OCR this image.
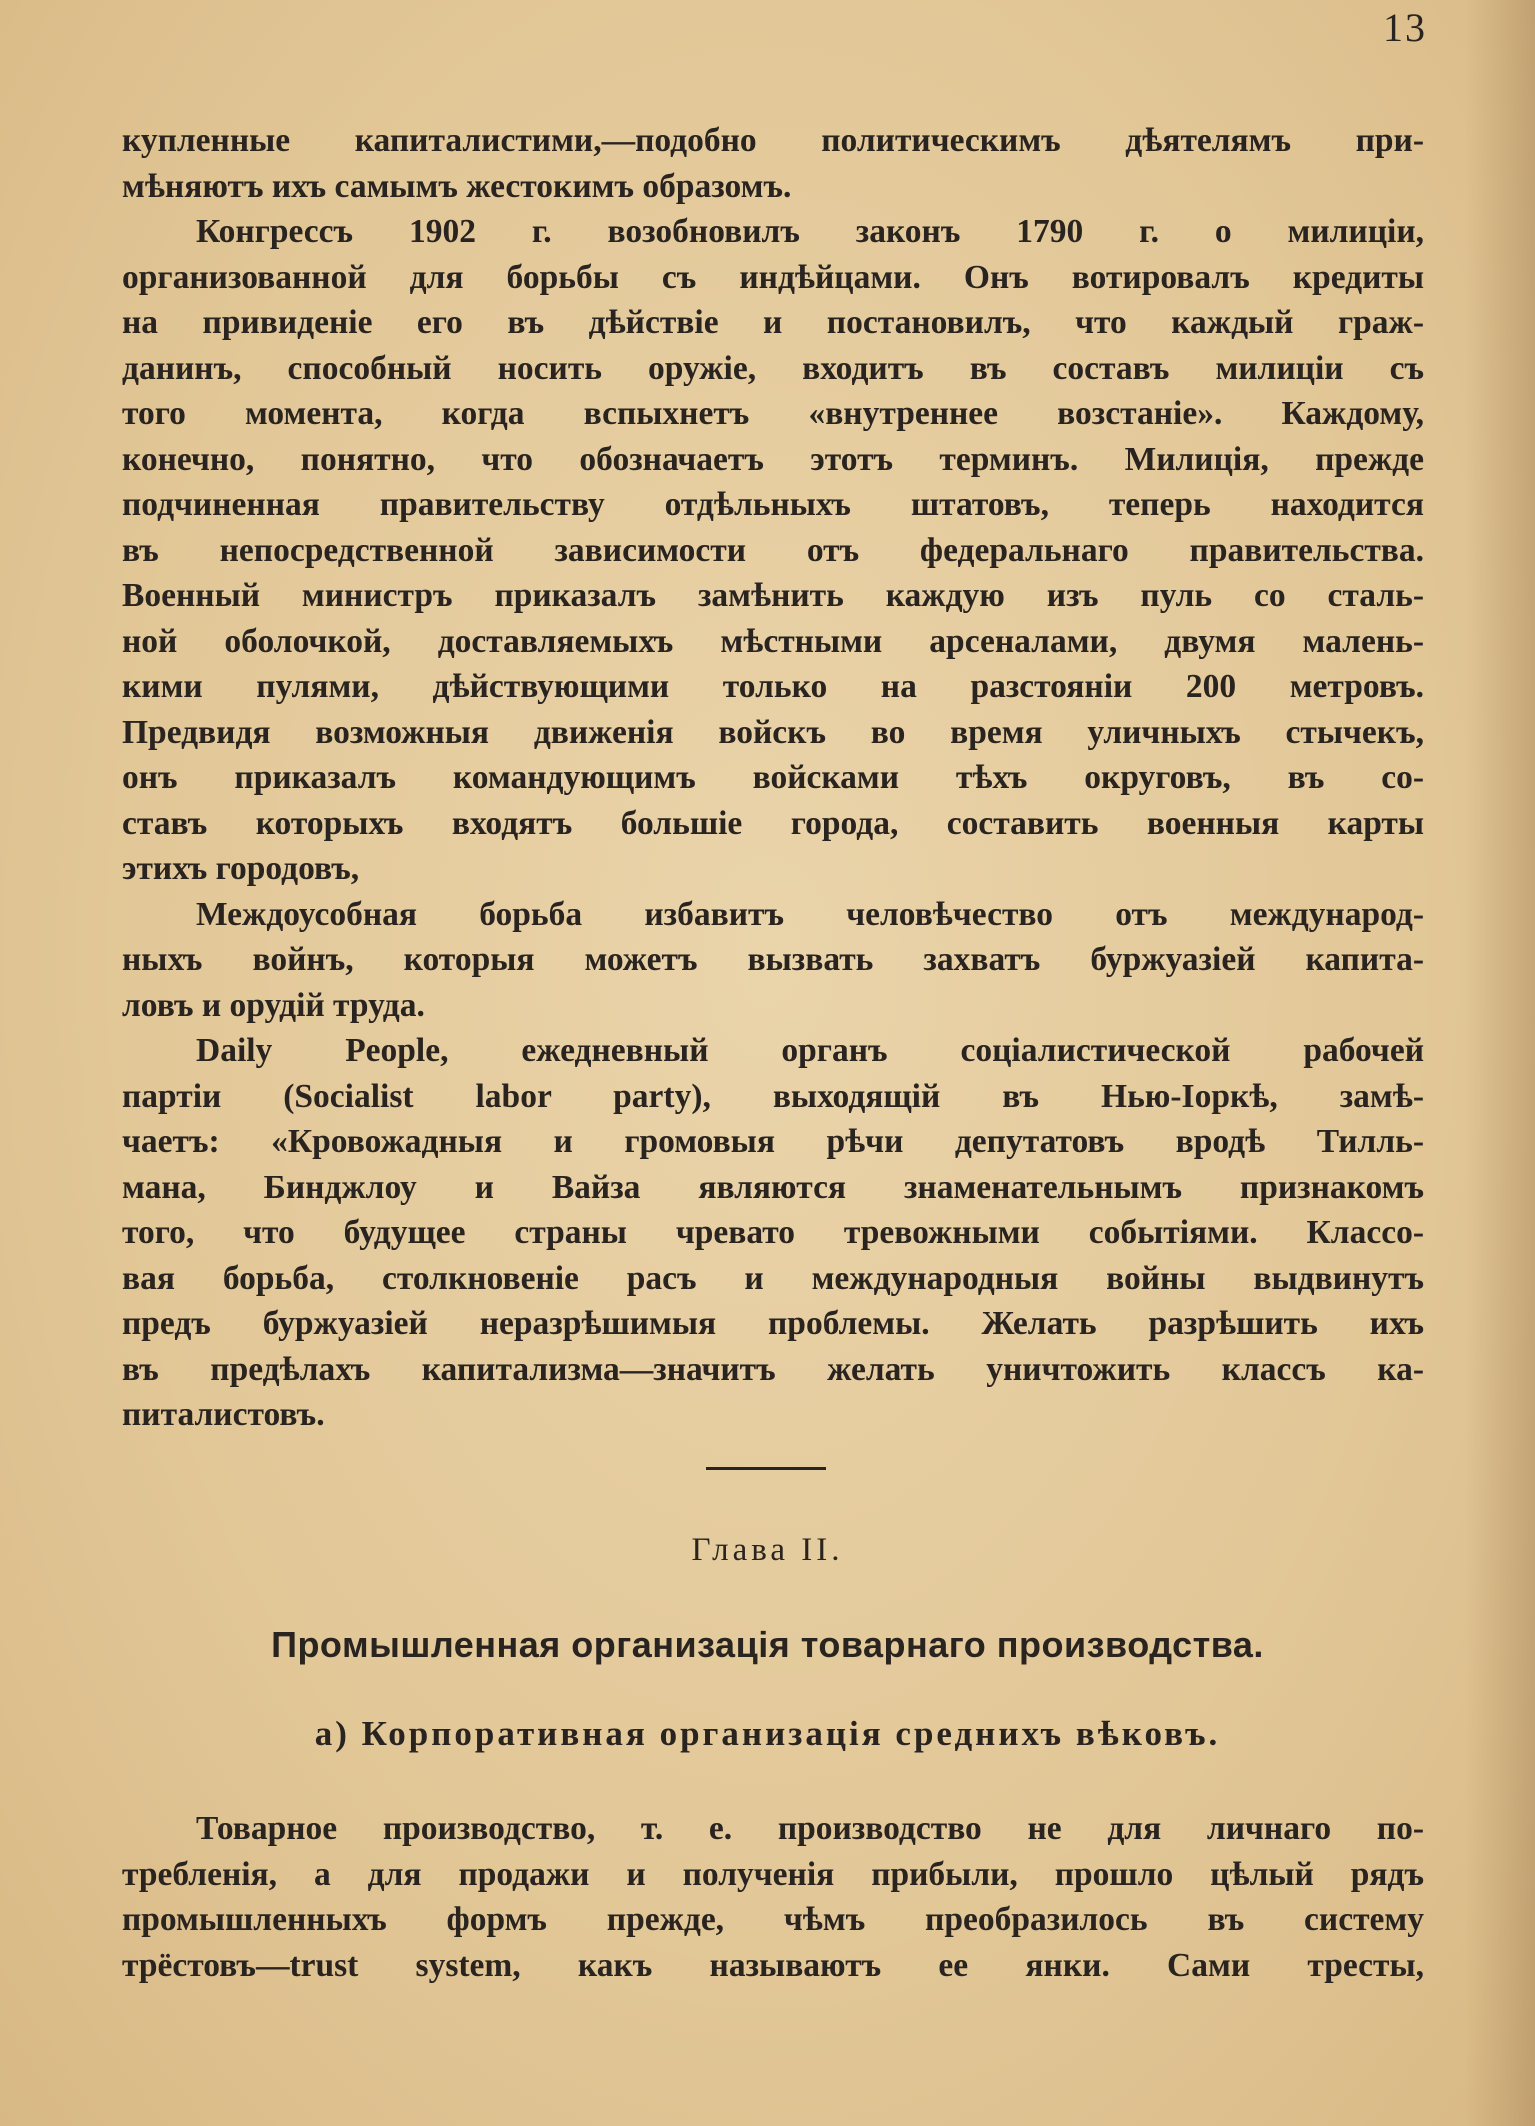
13
купленные капиталистими,—подобно политическимъ дѣятелямъ при-
мѣняютъ ихъ самымъ жестокимъ образомъ.
Конгрессъ 1902 г. возобновилъ законъ 1790 г. о милиціи,
организованной для борьбы съ индѣйцами. Онъ вотировалъ кредиты
на привиденіе его въ дѣйствіе и постановилъ, что каждый граж-
данинъ, способный носить оружіе, входитъ въ составъ милиціи съ
того момента, когда вспыхнетъ «внутреннее возстаніе». Каждому,
конечно, понятно, что обозначаетъ этотъ терминъ. Милиція, прежде
подчиненная правительству отдѣльныхъ штатовъ, теперь находится
въ непосредственной зависимости отъ федеральнаго правительства.
Военный министръ приказалъ замѣнить каждую изъ пуль со сталь-
ной оболочкой, доставляемыхъ мѣстными арсеналами, двумя малень-
кими пулями, дѣйствующими только на разстояніи 200 метровъ.
Предвидя возможныя движенія войскъ во время уличныхъ стычекъ,
онъ приказалъ командующимъ войсками тѣхъ округовъ, въ со-
ставъ которыхъ входятъ большіе города, составить военныя карты
этихъ городовъ,
Междоусобная борьба избавитъ человѣчество отъ международ-
ныхъ войнъ, которыя можетъ вызвать захватъ буржуазіей капита-
ловъ и орудій труда.
Daily People, ежедневный органъ соціалистической рабочей
партіи (Socialist labor party), выходящій въ Нью-Іоркѣ, замѣ-
чаетъ: «Кровожадныя и громовыя рѣчи депутатовъ вродѣ Тилль-
мана, Бинджлоу и Вайза являются знаменательнымъ признакомъ
того, что будущее страны чревато тревожными событіями. Классо-
вая борьба, столкновеніе расъ и международныя войны выдвинутъ
предъ буржуазіей неразрѣшимыя проблемы. Желать разрѣшить ихъ
въ предѣлахъ капитализма—значитъ желать уничтожить классъ ка-
питалистовъ.
Глава II.
Промышленная организація товарнаго производства.
а) Корпоративная организація среднихъ вѣковъ.
Товарное производство, т. е. производство не для личнаго по-
требленія, а для продажи и полученія прибыли, прошло цѣлый рядъ
промышленныхъ формъ прежде, чѣмъ преобразилось въ систему
трёстовъ—trust system, какъ называютъ ее янки. Сами тресты,
